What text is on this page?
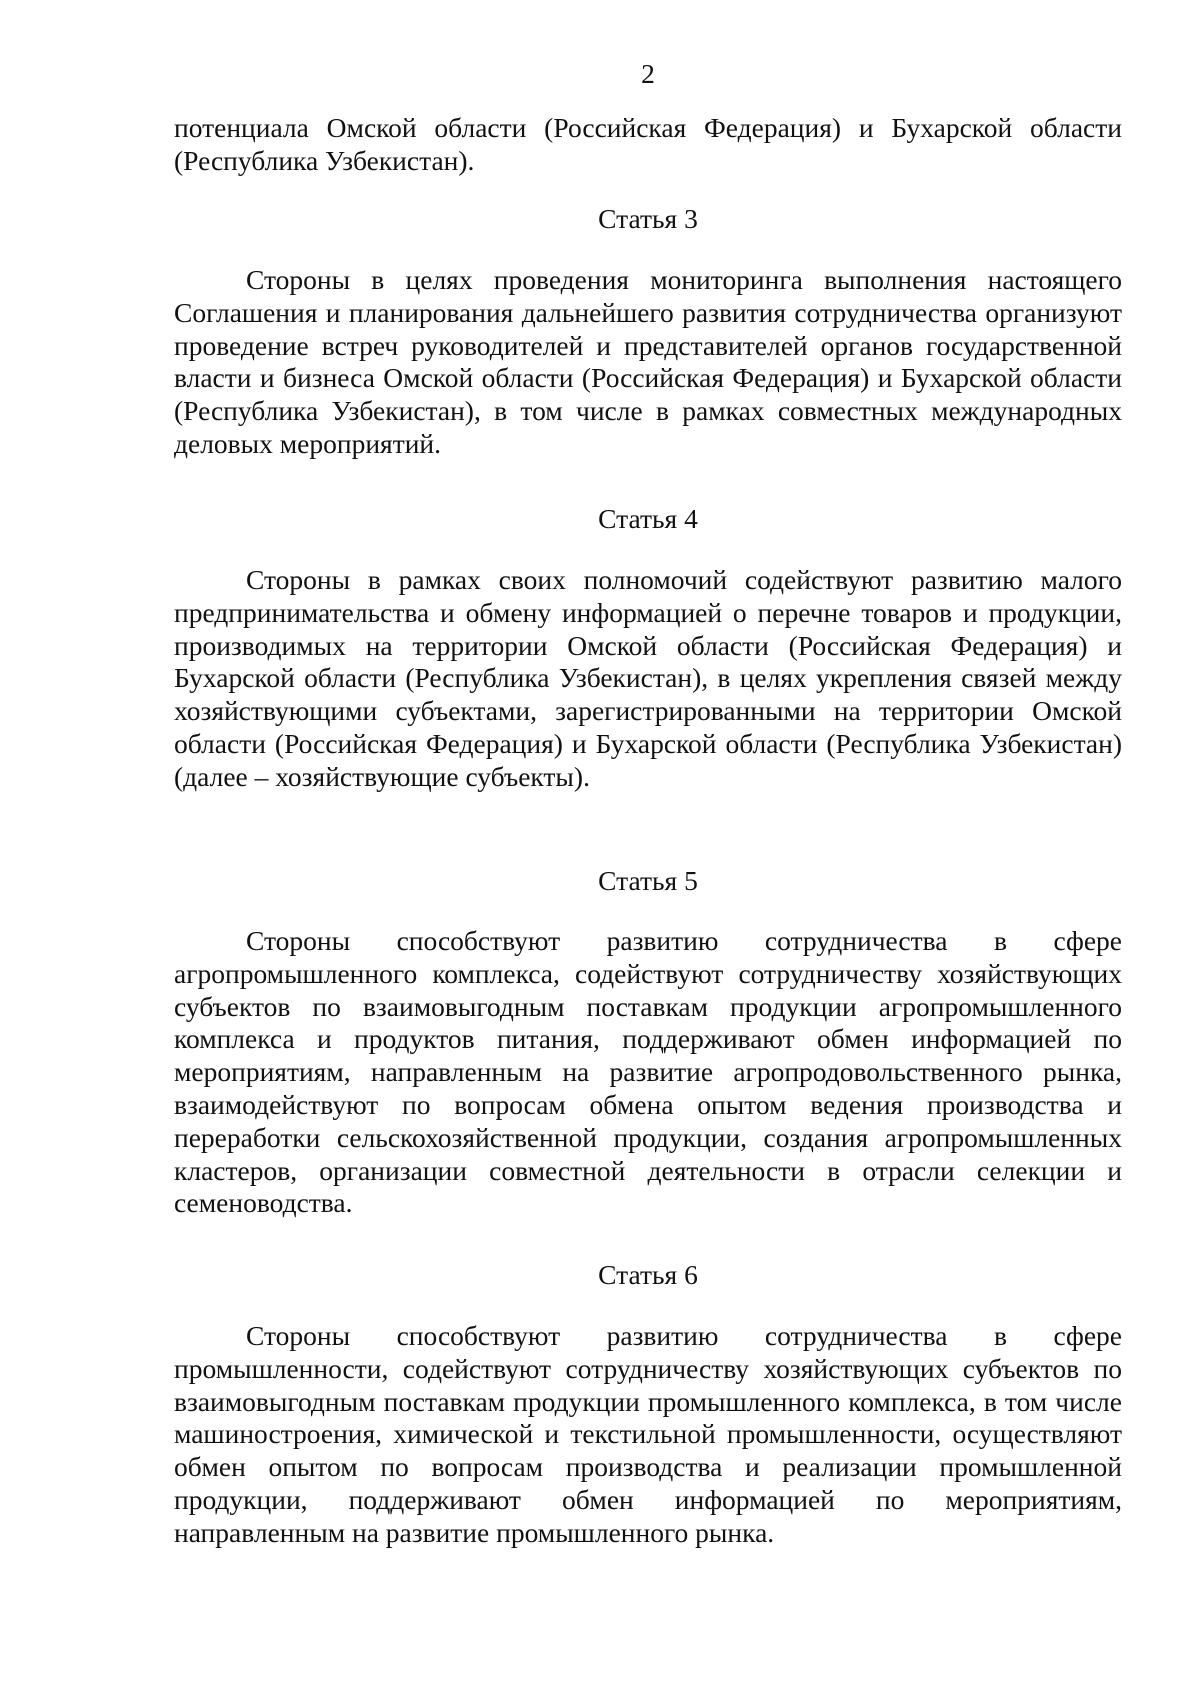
2

потенциала Омской области (Российская Федерация) и Бухарской области (Республика Узбекистан).

Статья 3

Стороны в целях проведения мониторинга выполнения настоящего Соглашения и планирования дальнейшего развития сотрудничества организуют проведение встреч руководителей и представителей органов государственной власти и бизнеса Омской области (Российская Федерация) и Бухарской области (Республика Узбекистан), в том числе в рамках совместных международных деловых мероприятий.

Статья 4

Стороны в рамках своих полномочий содействуют развитию малого предпринимательства и обмену информацией о перечне товаров и продукции, производимых на территории Омской области (Российская Федерация) и Бухарской области (Республика Узбекистан), в целях укрепления связей между хозяйствующими субъектами, зарегистрированными на территории Омской области (Российская Федерация) и Бухарской области (Республика Узбекистан) (далее – хозяйствующие субъекты).

Статья 5

Стороны способствуют развитию сотрудничества в сфере агропромышленного комплекса, содействуют сотрудничеству хозяйствующих субъектов по взаимовыгодным поставкам продукции агропромышленного комплекса и продуктов питания, поддерживают обмен информацией по мероприятиям, направленным на развитие агропродовольственного рынка, взаимодействуют по вопросам обмена опытом ведения производства и переработки сельскохозяйственной продукции, создания агропромышленных кластеров, организации совместной деятельности в отрасли селекции и семеноводства.

Статья 6

Стороны способствуют развитию сотрудничества в сфере промышленности, содействуют сотрудничеству хозяйствующих субъектов по взаимовыгодным поставкам продукции промышленного комплекса, в том числе машиностроения, химической и текстильной промышленности, осуществляют обмен опытом по вопросам производства и реализации промышленной продукции, поддерживают обмен информацией по мероприятиям, направленным на развитие промышленного рынка.
